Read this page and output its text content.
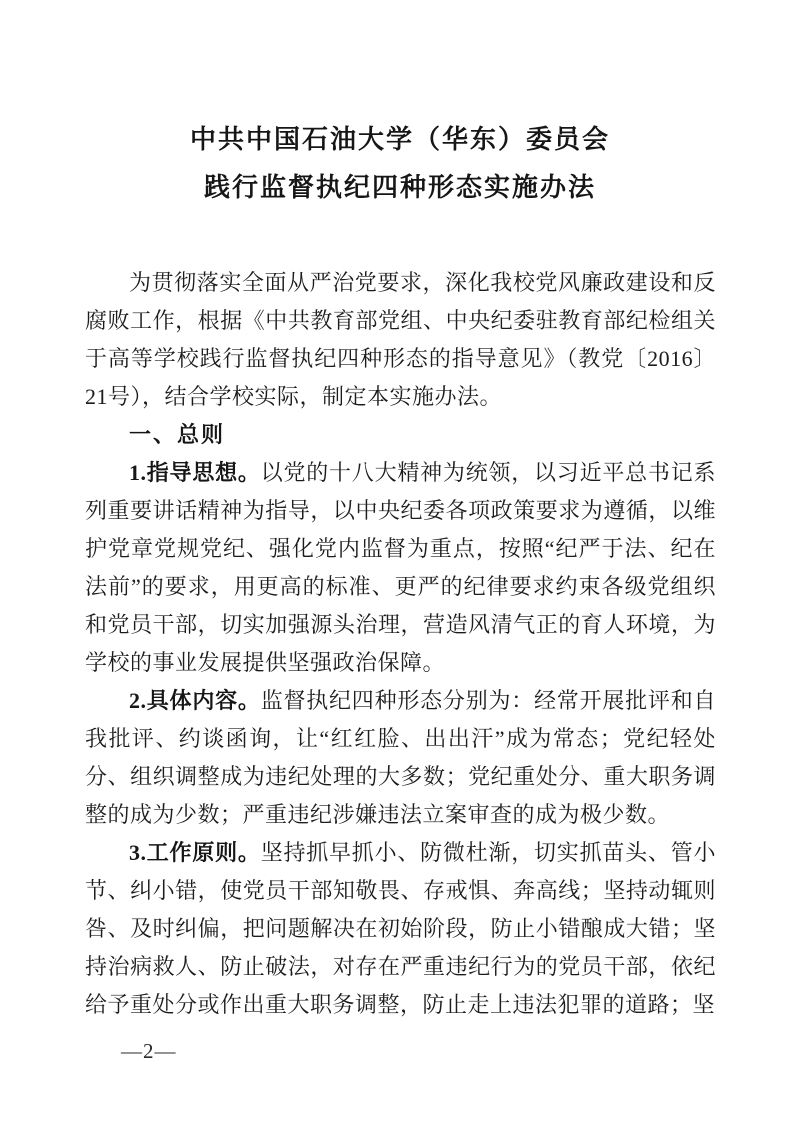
中共中国石油大学（华东）委员会
践行监督执纪四种形态实施办法

为贯彻落实全面从严治党要求，深化我校党风廉政建设和反腐败工作，根据《中共教育部党组、中央纪委驻教育部纪检组关于高等学校践行监督执纪四种形态的指导意见》（教党〔2016〕21号），结合学校实际，制定本实施办法。

一、总则

1.指导思想。以党的十八大精神为统领，以习近平总书记系列重要讲话精神为指导，以中央纪委各项政策要求为遵循，以维护党章党规党纪、强化党内监督为重点，按照“纪严于法、纪在法前”的要求，用更高的标准、更严的纪律要求约束各级党组织和党员干部，切实加强源头治理，营造风清气正的育人环境，为学校的事业发展提供坚强政治保障。

2.具体内容。监督执纪四种形态分别为：经常开展批评和自我批评、约谈函询，让“红红脸、出出汗”成为常态；党纪轻处分、组织调整成为违纪处理的大多数；党纪重处分、重大职务调整的成为少数；严重违纪涉嫌违法立案审查的成为极少数。

3.工作原则。坚持抓早抓小、防微杜渐，切实抓苗头、管小节、纠小错，使党员干部知敬畏、存戒惧、奔高线；坚持动辄则咎、及时纠偏，把问题解决在初始阶段，防止小错酿成大错；坚持治病救人、防止破法，对存在严重违纪行为的党员干部，依纪给予重处分或作出重大职务调整，防止走上违法犯罪的道路；坚

—2—
